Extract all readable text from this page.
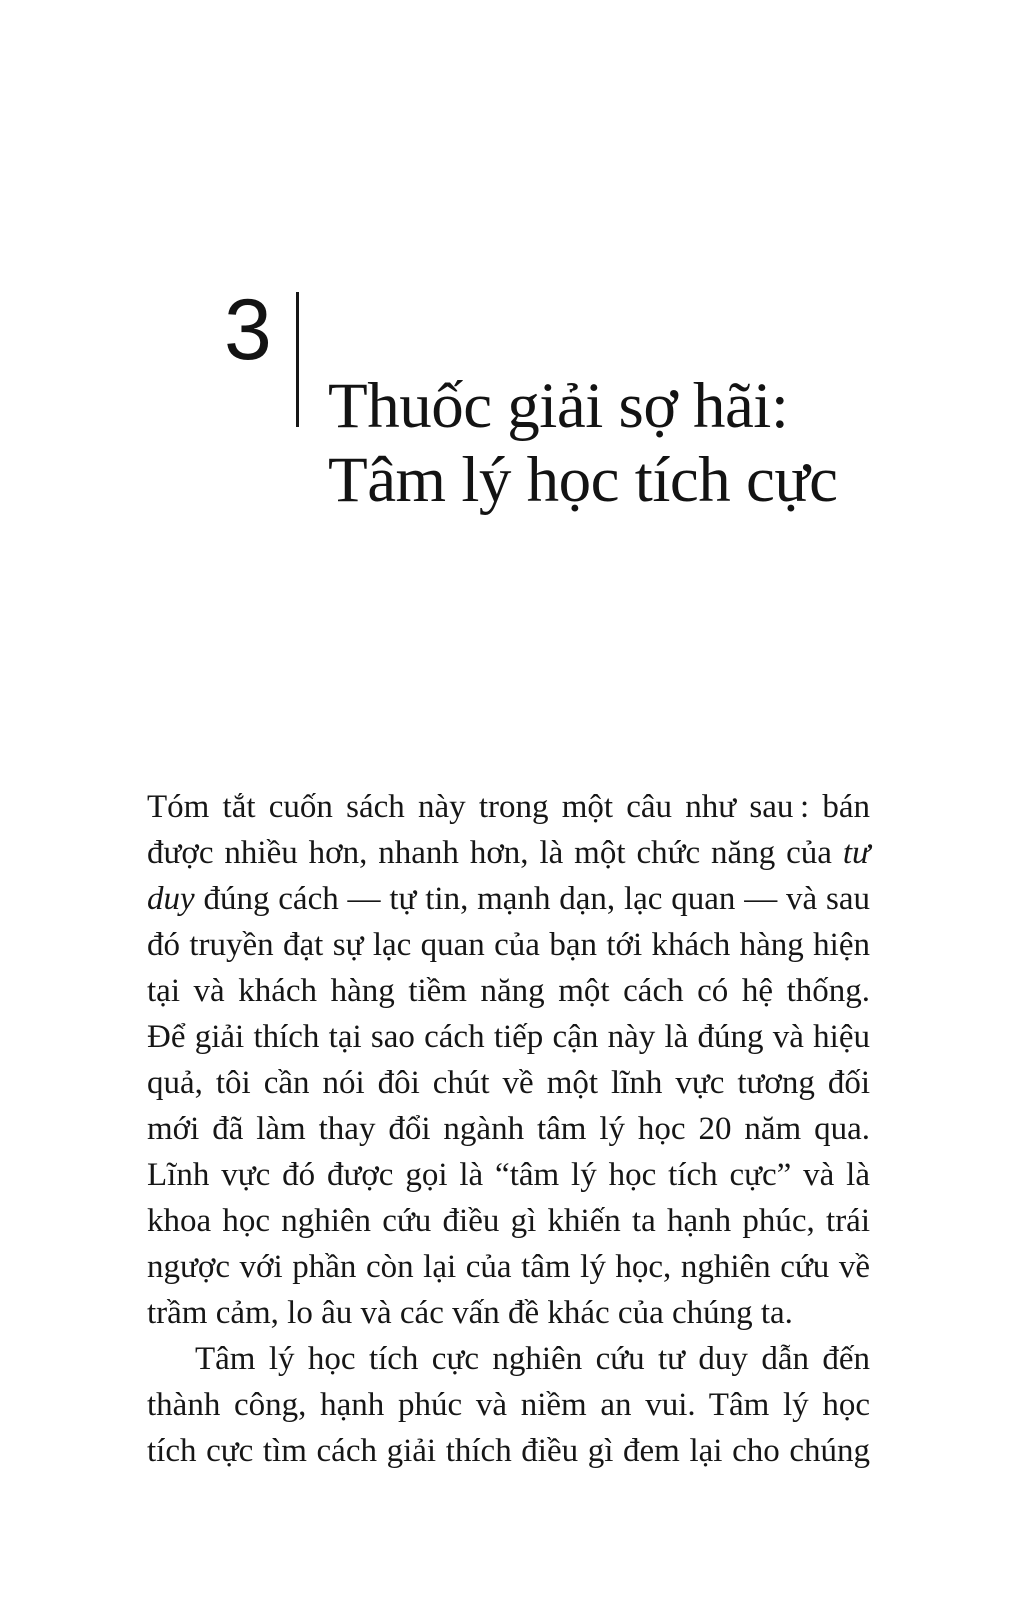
3
Thuốc giải sợ hãi:
Tâm lý học tích cực
Tóm tắt cuốn sách này trong một câu như sau : bán
được nhiều hơn, nhanh hơn, là một chức năng của tư
duy đúng cách — tự tin, mạnh dạn, lạc quan — và sau
đó truyền đạt sự lạc quan của bạn tới khách hàng hiện
tại và khách hàng tiềm năng một cách có hệ thống.
Để giải thích tại sao cách tiếp cận này là đúng và hiệu
quả, tôi cần nói đôi chút về một lĩnh vực tương đối
mới đã làm thay đổi ngành tâm lý học 20 năm qua.
Lĩnh vực đó được gọi là “tâm lý học tích cực” và là
khoa học nghiên cứu điều gì khiến ta hạnh phúc, trái
ngược với phần còn lại của tâm lý học, nghiên cứu về
trầm cảm, lo âu và các vấn đề khác của chúng ta.
Tâm lý học tích cực nghiên cứu tư duy dẫn đến
thành công, hạnh phúc và niềm an vui. Tâm lý học
tích cực tìm cách giải thích điều gì đem lại cho chúng
